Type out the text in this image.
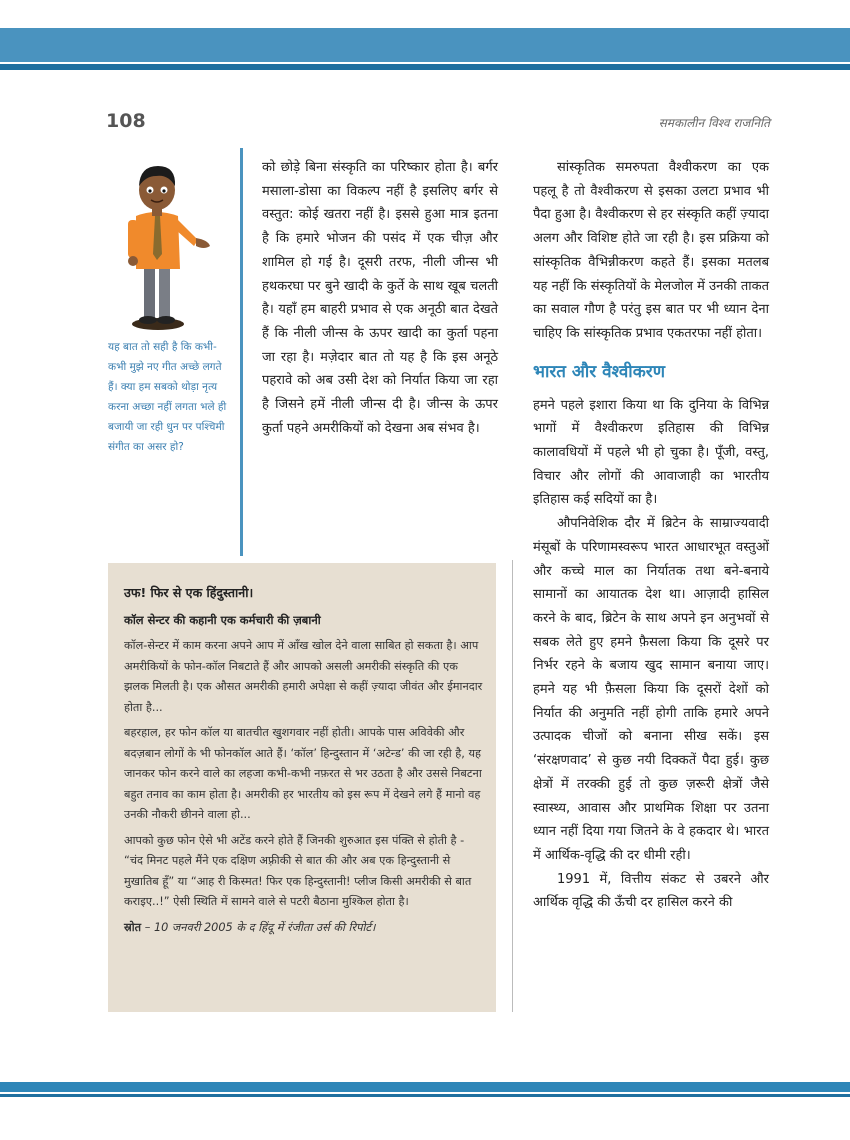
108	समकालीन विश्व राजनिति
यह बात तो सही है कि कभी-कभी मुझे नए गीत अच्छे लगते हैं। क्या हम सबको थोड़ा नृत्य करना अच्छा नहीं लगता भले ही बजायी जा रही धुन पर पश्चिमी संगीत का असर हो?

को छोड़े बिना संस्कृति का परिष्कार होता है। बर्गर मसाला-डोसा का विकल्प नहीं है इसलिए बर्गर से वस्तुत: कोई खतरा नहीं है। इससे हुआ मात्र इतना है कि हमारे भोजन की पसंद में एक चीज़ और शामिल हो गई है। दूसरी तरफ, नीली जीन्स भी हथकरघा पर बुने खादी के कुर्ते के साथ खूब चलती है। यहाँ हम बाहरी प्रभाव से एक अनूठी बात देखते हैं कि नीली जीन्स के ऊपर खादी का कुर्ता पहना जा रहा है। मज़ेदार बात तो यह है कि इस अनूठे पहरावे को अब उसी देश को निर्यात किया जा रहा है जिसने हमें नीली जीन्स दी है। जीन्स के ऊपर कुर्ता पहने अमरीकियों को देखना अब संभव है।

सांस्कृतिक समरुपता वैश्वीकरण का एक पहलू है तो वैश्वीकरण से इसका उलटा प्रभाव भी पैदा हुआ है। वैश्वीकरण से हर संस्कृति कहीं ज़्यादा अलग और विशिष्ट होते जा रही है। इस प्रक्रिया को सांस्कृतिक वैभिन्नीकरण कहते हैं। इसका मतलब यह नहीं कि संस्कृतियों के मेलजोल में उनकी ताकत का सवाल गौण है परंतु इस बात पर भी ध्यान देना चाहिए कि सांस्कृतिक प्रभाव एकतरफा नहीं होता।

भारत और वैश्वीकरण

हमने पहले इशारा किया था कि दुनिया के विभिन्न भागों में वैश्वीकरण इतिहास की विभिन्न कालावधियों में पहले भी हो चुका है। पूँजी, वस्तु, विचार और लोगों की आवाजाही का भारतीय इतिहास कई सदियों का है।

औपनिवेशिक दौर में ब्रिटेन के साम्राज्यवादी मंसूबों के परिणामस्वरूप भारत आधारभूत वस्तुओं और कच्चे माल का निर्यातक तथा बने-बनाये सामानों का आयातक देश था। आज़ादी हासिल करने के बाद, ब्रिटेन के साथ अपने इन अनुभवों से सबक लेते हुए हमने फ़ैसला किया कि दूसरे पर निर्भर रहने के बजाय खुद सामान बनाया जाए। हमने यह भी फ़ैसला किया कि दूसरों देशों को निर्यात की अनुमति नहीं होगी ताकि हमारे अपने उत्पादक चीजों को बनाना सीख सकें। इस ‘संरक्षणवाद’ से कुछ नयी दिक्कतें पैदा हुई। कुछ क्षेत्रों में तरक्की हुई तो कुछ ज़रूरी क्षेत्रों जैसे स्वास्थ्य, आवास और प्राथमिक शिक्षा पर उतना ध्यान नहीं दिया गया जितने के वे हकदार थे। भारत में आर्थिक-वृद्धि की दर धीमी रही।

1991 में, वित्तीय संकट से उबरने और आर्थिक वृद्धि की ऊँची दर हासिल करने की

उफ! फिर से एक हिंदुस्तानी।
कॉल सेन्टर की कहानी एक कर्मचारी की ज़बानी

कॉल-सेन्टर में काम करना अपने आप में आँख खोल देने वाला साबित हो सकता है। आप अमरीकियों के फोन-कॉल निबटाते हैं और आपको असली अमरीकी संस्कृति की एक झलक मिलती है। एक औसत अमरीकी हमारी अपेक्षा से कहीं ज़्यादा जीवंत और ईमानदार होता है...

बहरहाल, हर फोन कॉल या बातचीत खुशगवार नहीं होती। आपके पास अविवेकी और बदज़बान लोगों के भी फोनकॉल आते हैं। ‘कॉल’ हिन्दुस्तान में ‘अटेन्ड’ की जा रही है, यह जानकर फोन करने वाले का लहजा कभी-कभी नफ़रत से भर उठता है और उससे निबटना बहुत तनाव का काम होता है। अमरीकी हर भारतीय को इस रूप में देखने लगे हैं मानो वह उनकी नौकरी छीनने वाला हो...

आपको कुछ फोन ऐसे भी अटेंड करने होते हैं जिनकी शुरुआत इस पंक्ति से होती है - “चंद मिनट पहले मैंने एक दक्षिण अफ़्रीकी से बात की और अब एक हिन्दुस्तानी से मुखातिब हूँ” या “आह री किस्मत! फिर एक हिन्दुस्तानी! प्लीज किसी अमरीकी से बात कराइए..!” ऐसी स्थिति में सामने वाले से पटरी बैठाना मुश्किल होता है।

स्रोत – 10 जनवरी 2005 के द हिंदू में रंजीता उर्स की रिपोर्ट।
